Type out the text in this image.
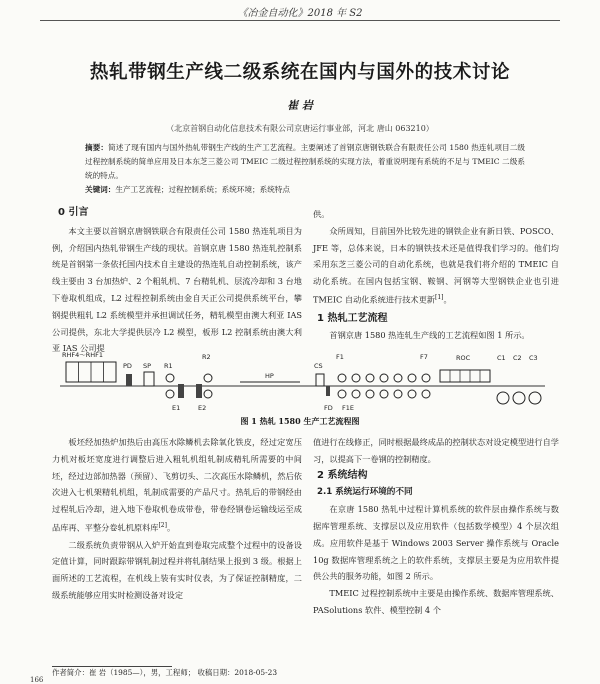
《冶金自动化》2018 年 S2
热轧带钢生产线二级系统在国内与国外的技术讨论
崔 岩
（北京首钢自动化信息技术有限公司京唐运行事业部，河北 唐山 063210）
摘要：简述了现有国内与国外热轧带钢生产线的生产工艺流程。主要阐述了首钢京唐钢铁联合有限责任公司 1580 热连轧项目二级过程控制系统的简单应用及日本东芝三菱公司 TMEIC 二级过程控制系统的实现方法，着重说明现有系统的不足与 TMEIC 二级系统的特点。
关键词：生产工艺流程；过程控制系统；系统环境；系统特点
0 引言

本文主要以首钢京唐钢铁联合有限责任公司 1580 热连轧项目为例，介绍国内热轧带钢生产线的现状。首钢京唐 1580 热连轧控制系统是首钢第一条依托国内技术自主建设的热连轧自动控制系统，该产线主要由 3 台加热炉、2 个粗轧机、7 台精轧机、层流冷却和 3 台地下卷取机组成，L2 过程控制系统由金自天正公司提供系统平台，攀钢提供粗轧 L2 系统模型并承担调试任务，精轧模型由澳大利亚 IAS 公司提供，东北大学提供层冷 L2 模型，板形 L2 控制系统由澳大利亚 IAS 公司提

供。

众所周知，目前国外比较先进的钢铁企业有新日铁、POSCO、JFE 等，总体来说，日本的钢铁技术还是值得我们学习的。他们均采用东芝三菱公司的自动化系统，也就是我们将介绍的 TMEIC 自动化系统。在国内包括宝钢、鞍钢、河钢等大型钢铁企业也引进 TMEIC 自动化系统进行技术更新[1]。

1 热轧工艺流程

首钢京唐 1580 热连轧生产线的工艺流程如图 1 所示。

RHF4～RHF1
PD SP R1
R2
E1	E2
HP
CS
F1	F7
FD F1E
ROC	C1 C2 C3
图 1 热轧 1580 生产工艺流程图

板坯经加热炉加热后由高压水除鳞机去除氧化铁皮，经过定宽压力机对板坯宽度进行调整后进入粗轧机组轧制成精轧所需要的中间坯，经过边部加热器（预留）、飞剪切头、二次高压水除鳞机，然后依次进入七机架精轧机组，轧制成需要的产品尺寸。热轧后的带钢经由过程轧后冷却，进入地下卷取机卷成带卷，带卷经钢卷运输线运至成品库再、平整分卷轧机原料库[2]。

二级系统负责带钢从入炉开始直到卷取完成整个过程中的设备设定值计算，同时跟踪带钢轧制过程并将轧制结果上报到 3 级。根据上面所述的工艺流程，在机线上装有实时仪表，为了保证控制精度，二级系统能够应用实时检测设备对设定

值进行在线修正，同时根据最终成品的控制状态对设定模型进行自学习，以提高下一卷钢的控制精度。

2 系统结构
2.1 系统运行环境的不同

在京唐 1580 热轧中过程计算机系统的软件层由操作系统与数据库管理系统、支撑层以及应用软件（包括数学模型）4 个层次组成。应用软件是基于 Windows 2003 Server 操作系统与 Oracle 10g 数据库管理系统之上的软件系统，支撑层主要是为应用软件提供公共的服务功能，如图 2 所示。

TMEIC 过程控制系统中主要是由操作系统、数据库管理系统、PASolutions 软件、模型控制 4 个

作者简介：崔 岩（1985—），男，工程师； 收稿日期：2018-05-23
166
